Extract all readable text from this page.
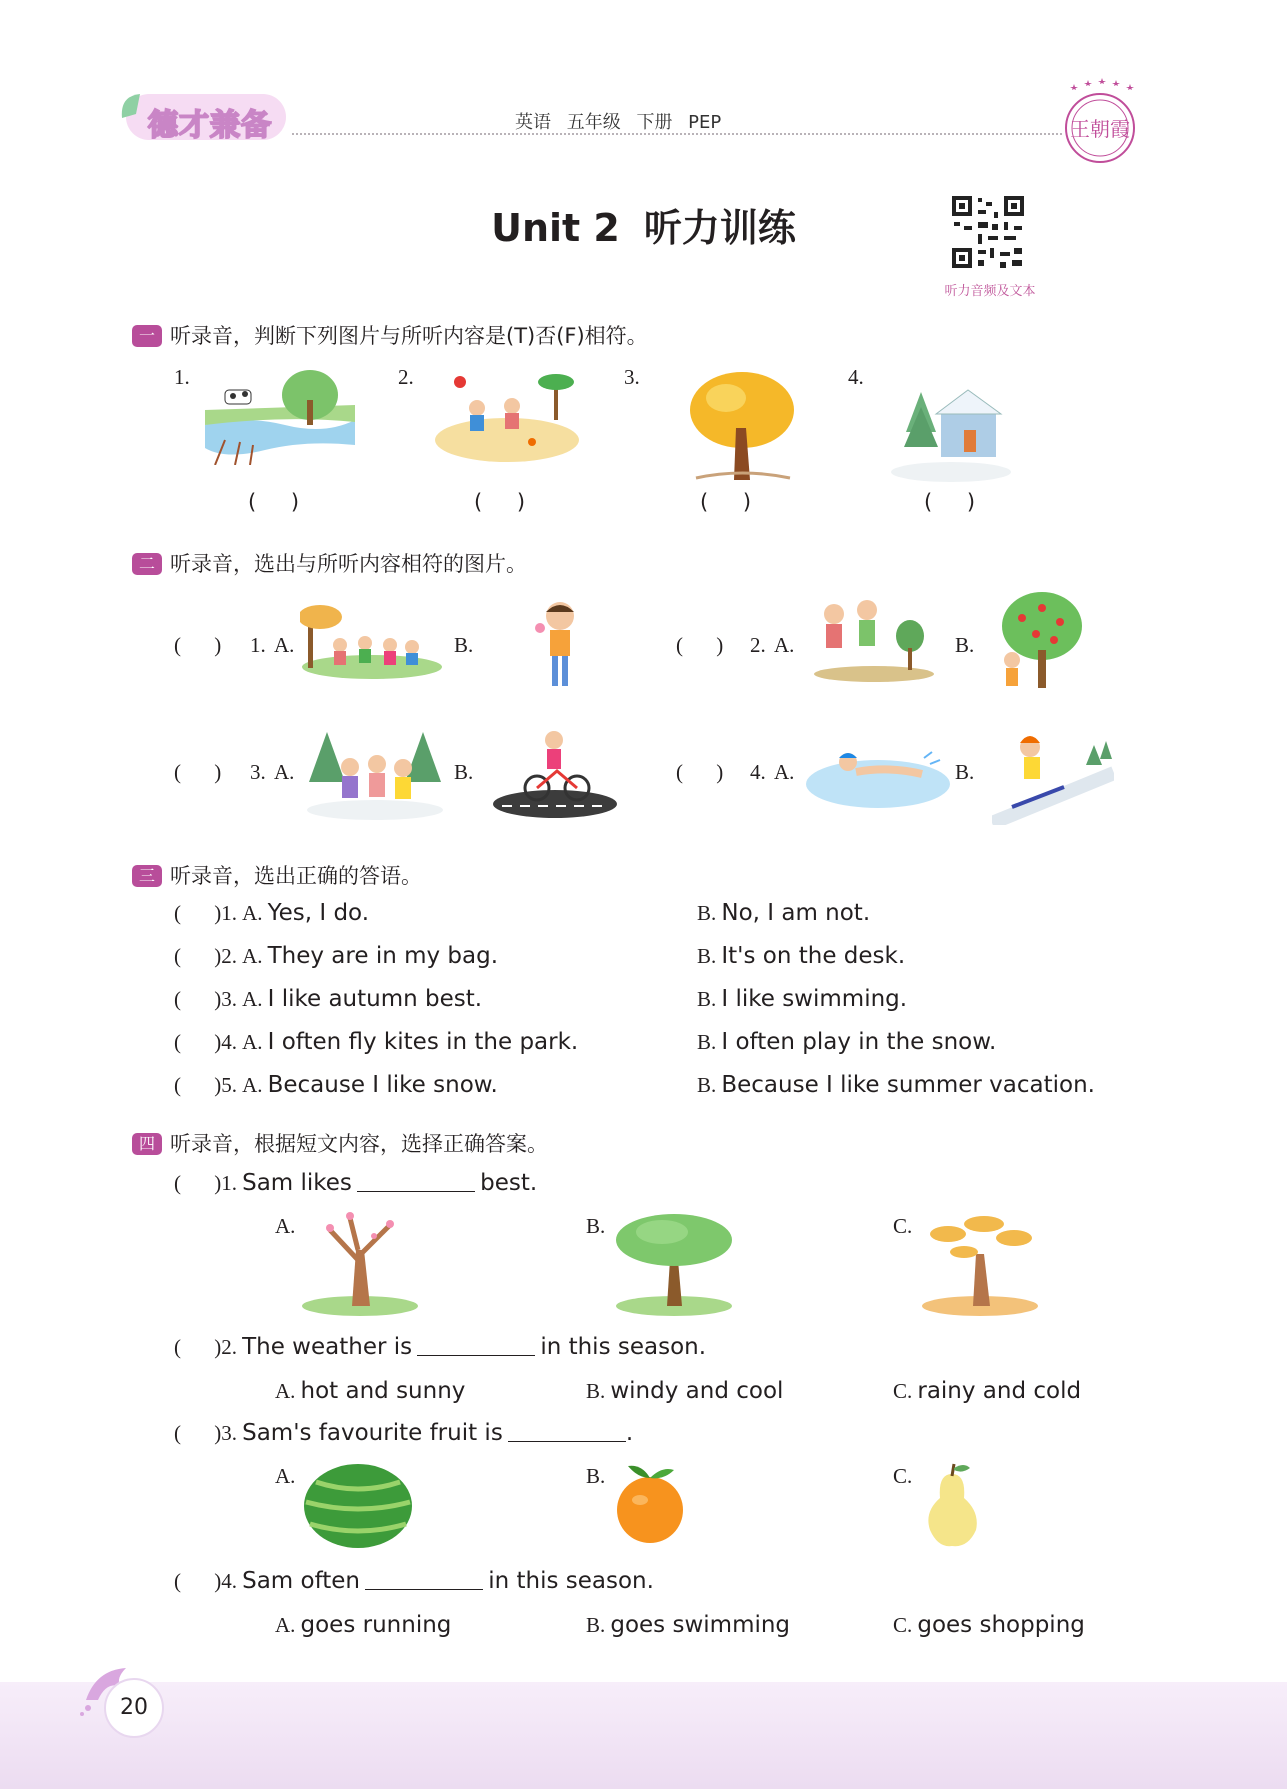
德才兼备	英语 五年级 下册 PEP	王朝霞
Unit 2 听力训练
听力音频及文本
一 听录音，判断下列图片与所听内容是(T)否(F)相符。
1.	2.	3.	4.
( )	( )	( )	( )
二 听录音，选出与所听内容相符的图片。
( ) 1. A.	B.	( ) 2. A.	B.
( ) 3. A.	B.	( ) 4. A.	B.
三 听录音，选出正确的答语。
( )1. A. Yes, I do.	B. No, I am not.
( )2. A. They are in my bag.	B. It's on the desk.
( )3. A. I like autumn best.	B. I like swimming.
( )4. A. I often fly kites in the park.	B. I often play in the snow.
( )5. A. Because I like snow.	B. Because I like summer vacation.
四 听录音，根据短文内容，选择正确答案。
( )1. Sam likes	best.
A.	B.	C.
( )2. The weather is	in this season.
A. hot and sunny	B. windy and cool	C. rainy and cold
( )3. Sam's favourite fruit is	.
A.	B.	C.
( )4. Sam often	in this season.
A. goes running	B. goes swimming	C. goes shopping
20
